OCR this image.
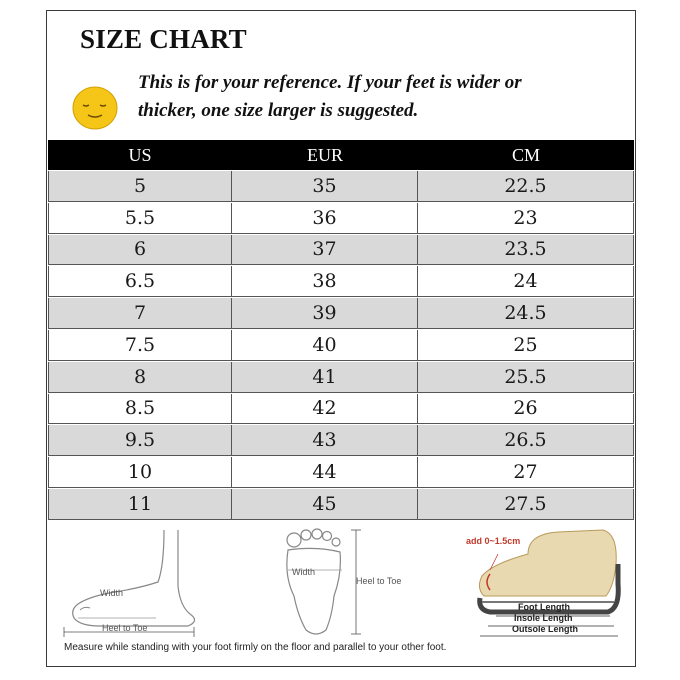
SIZE CHART
This is for your reference. If your feet is wider or
thicker, one size larger is suggested.
US	EUR	CM
5	35	22.5
5.5	36	23
6	37	23.5
6.5	38	24
7	39	24.5
7.5	40	25
8	41	25.5
8.5	42	26
9.5	43	26.5
10	44	27
11	45	27.5
Width
Heel to Toe
Width
Heel to Toe
add 0~1.5cm
Foot Length
Insole Length
Outsole Length
Measure while standing with your foot firmly on the floor and parallel to your other foot.
